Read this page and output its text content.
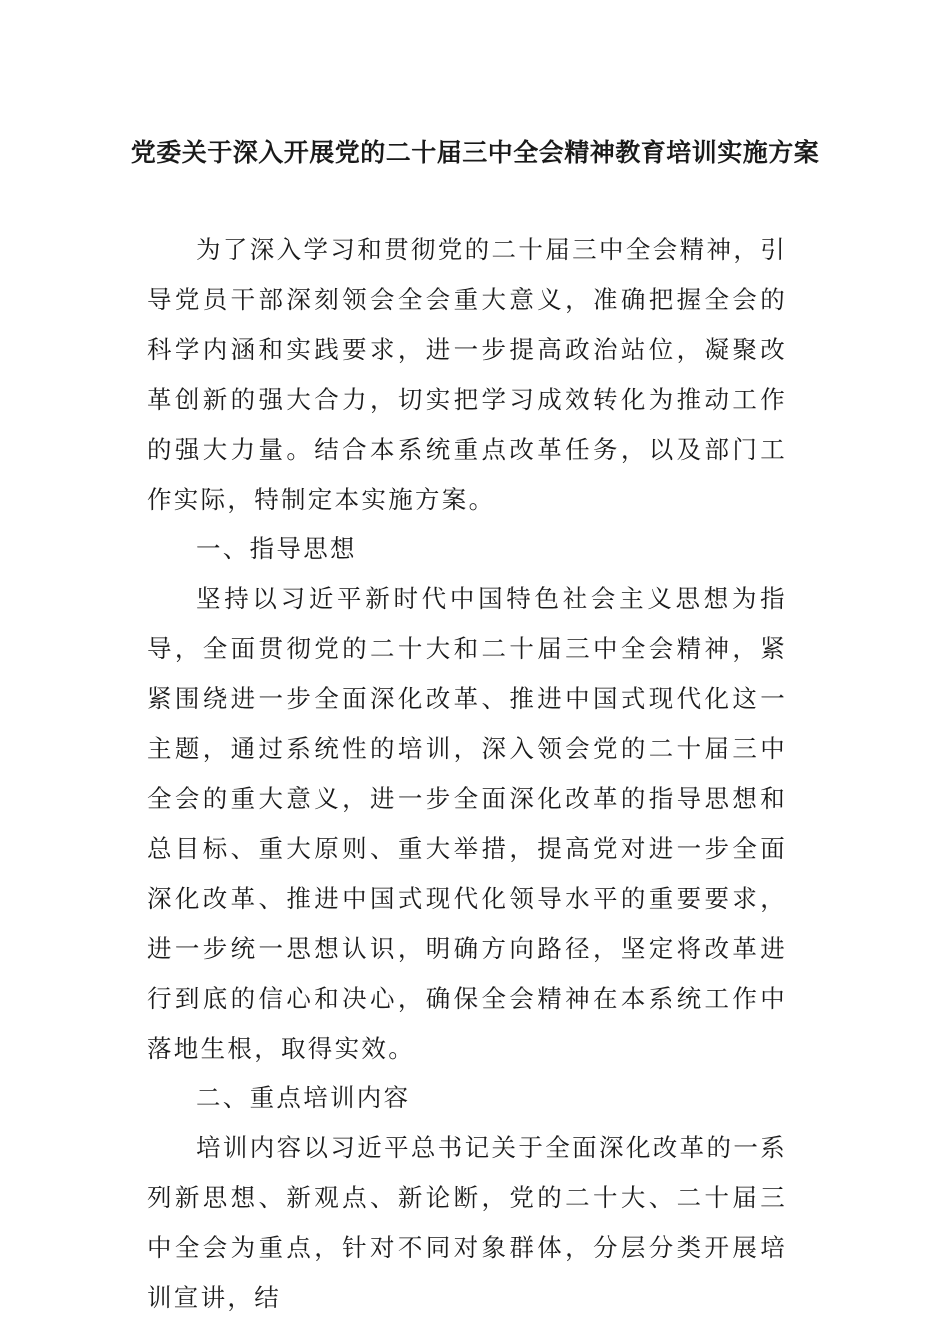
党委关于深入开展党的二十届三中全会精神教育培训实施方案

为了深入学习和贯彻党的二十届三中全会精神，引导党员干部深刻领会全会重大意义，准确把握全会的科学内涵和实践要求，进一步提高政治站位，凝聚改革创新的强大合力，切实把学习成效转化为推动工作的强大力量。结合本系统重点改革任务，以及部门工作实际，特制定本实施方案。

一、指导思想

坚持以习近平新时代中国特色社会主义思想为指导，全面贯彻党的二十大和二十届三中全会精神，紧紧围绕进一步全面深化改革、推进中国式现代化这一主题，通过系统性的培训，深入领会党的二十届三中全会的重大意义，进一步全面深化改革的指导思想和总目标、重大原则、重大举措，提高党对进一步全面深化改革、推进中国式现代化领导水平的重要要求，进一步统一思想认识，明确方向路径，坚定将改革进行到底的信心和决心，确保全会精神在本系统工作中落地生根，取得实效。

二、重点培训内容

培训内容以习近平总书记关于全面深化改革的一系列新思想、新观点、新论断，党的二十大、二十届三中全会为重点，针对不同对象群体，分层分类开展培训宣讲，结
